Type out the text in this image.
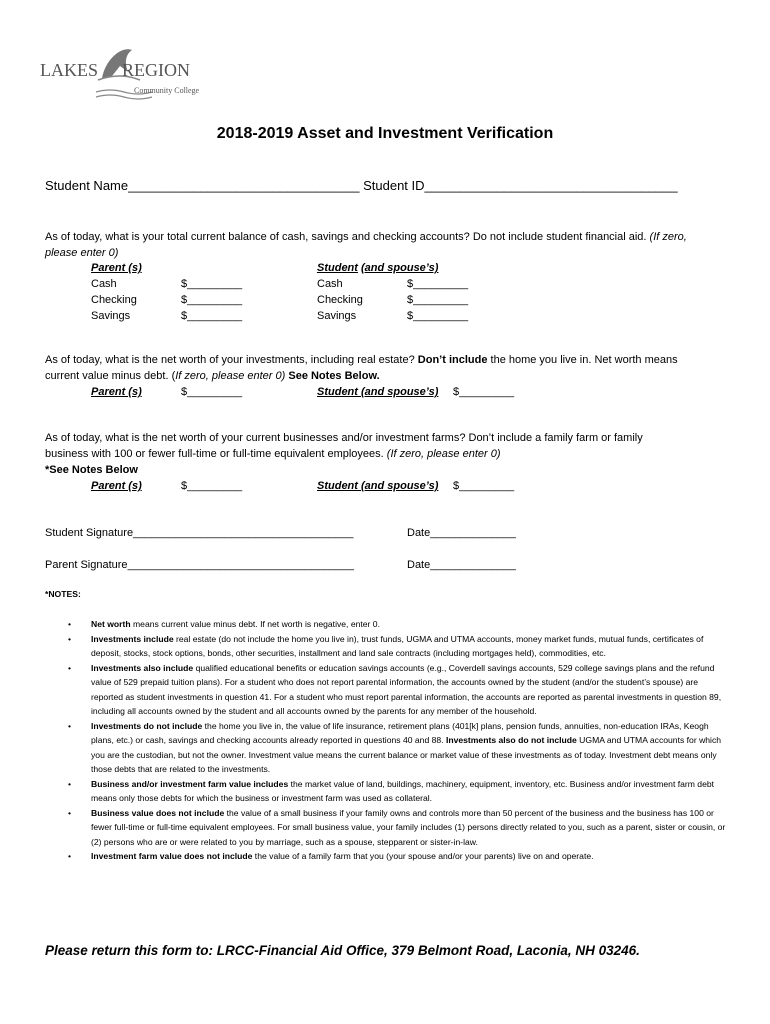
LAKES REGION
Community College
2018-2019 Asset and Investment Verification
Student Name________________________________ Student ID___________________________________
As of today, what is your total current balance of cash, savings and checking accounts? Do not include student financial aid. (If zero,
please enter 0)
Parent (s)	Student (and spouse’s)
Cash	$_________	Cash	$_________
Checking	$_________	Checking	$_________
Savings	$_________	Savings	$_________
As of today, what is the net worth of your investments, including real estate? Don’t include the home you live in. Net worth means
current value minus debt. (If zero, please enter 0) See Notes Below.
Parent (s)	$_________	Student (and spouse’s) $_________
As of today, what is the net worth of your current businesses and/or investment farms? Don’t include a family farm or family
business with 100 or fewer full-time or full-time equivalent employees. (If zero, please enter 0)
*See Notes Below
Parent (s)	$_________	Student (and spouse’s) $_________
Student Signature____________________________________	Date______________
Parent Signature_____________________________________	Date______________
*NOTES:
• Net worth means current value minus debt. If net worth is negative, enter 0.
• Investments include real estate (do not include the home you live in), trust funds, UGMA and UTMA accounts, money market funds, mutual funds, certificates of deposit, stocks, stock options, bonds, other securities, installment and land sale contracts (including mortgages held), commodities, etc.
• Investments also include qualified educational benefits or education savings accounts (e.g., Coverdell savings accounts, 529 college savings plans and the refund value of 529 prepaid tuition plans). For a student who does not report parental information, the accounts owned by the student (and/or the student’s spouse) are reported as student investments in question 41. For a student who must report parental information, the accounts are reported as parental investments in question 89, including all accounts owned by the student and all accounts owned by the parents for any member of the household.
• Investments do not include the home you live in, the value of life insurance, retirement plans (401[k] plans, pension funds, annuities, non-education IRAs, Keogh plans, etc.) or cash, savings and checking accounts already reported in questions 40 and 88. Investments also do not include UGMA and UTMA accounts for which you are the custodian, but not the owner. Investment value means the current balance or market value of these investments as of today. Investment debt means only those debts that are related to the investments.
• Business and/or investment farm value includes the market value of land, buildings, machinery, equipment, inventory, etc. Business and/or investment farm debt means only those debts for which the business or investment farm was used as collateral.
• Business value does not include the value of a small business if your family owns and controls more than 50 percent of the business and the business has 100 or fewer full-time or full-time equivalent employees. For small business value, your family includes (1) persons directly related to you, such as a parent, sister or cousin, or (2) persons who are or were related to you by marriage, such as a spouse, stepparent or sister-in-law.
• Investment farm value does not include the value of a family farm that you (your spouse and/or your parents) live on and operate.
Please return this form to: LRCC-Financial Aid Office, 379 Belmont Road, Laconia, NH 03246.
